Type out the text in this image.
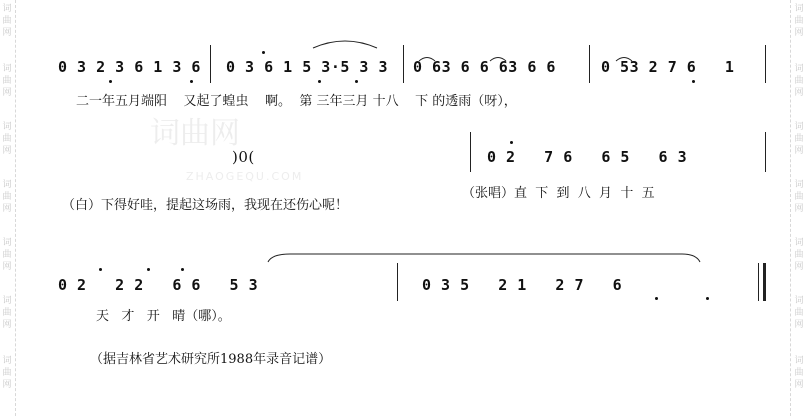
词
曲
网
词
曲
网
词
曲
网
词
曲
网
词
曲
网
词
曲
网
词
曲
网
词
曲
网
词
曲
网
词
曲
网
词
曲
网
词
曲
网
词
曲
网
词
曲
网
词曲网
ZHAOGEQU.COM
0 3 2 3 6 1 3 6 0 3 6 1 5 3·5 3 3 0 63 6 6 63 6 6	0 53 2 7 6   1
二一年五月端阳    又起了蝗虫    啊。  第 三年三月 十八    下 的透雨（呀），
)0(	0 2   7 6   6 5   6 3
（张唱）直  下  到  八  月  十  五
（白）下得好哇，提起这场雨，我现在还伤心呢！
0 2   2 2   6 6   5 3	0 3 5   2 1   2 7   6
天   才   开   晴（哪）。
（据吉林省艺术研究所1988年录音记谱）
